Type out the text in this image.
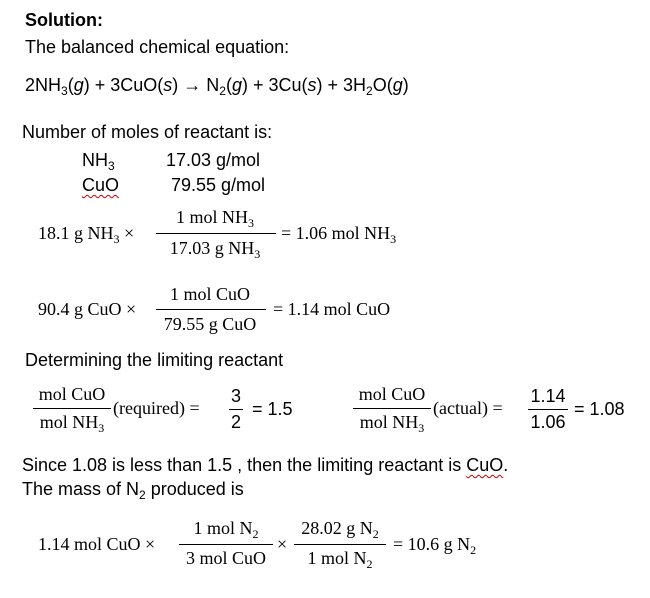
Solution:
The balanced chemical equation:
$2NH_3(g) + 3CuO(s) \to N_2(g) + 3Cu(s) + 3H_2O(g)$
Number of moles of reactant is:
$NH_3$	17.03 g/mol
CuO	79.55 g/mol
18.1 g $NH_3$ ×
1 mol $NH_3$
17.03 g $NH_3$
= 1.06 mol $NH_3$
90.4 g CuO ×
1 mol CuO
79.55 g CuO
= 1.14 mol CuO
Determining the limiting reactant
mol CuO
mol $NH_3$
(required) =
3
2
= 1.5
mol CuO
mol $NH_3$
(actual) =
1.14
1.06
= 1.08
Since 1.08 is less than 1.5 , then the limiting reactant is CuO.
The mass of $N_2$ produced is
1.14 mol CuO ×
1 mol $N_2$
3 mol CuO
×
28.02 g $N_2$
1 mol $N_2$
= 10.6 g $N_2$
